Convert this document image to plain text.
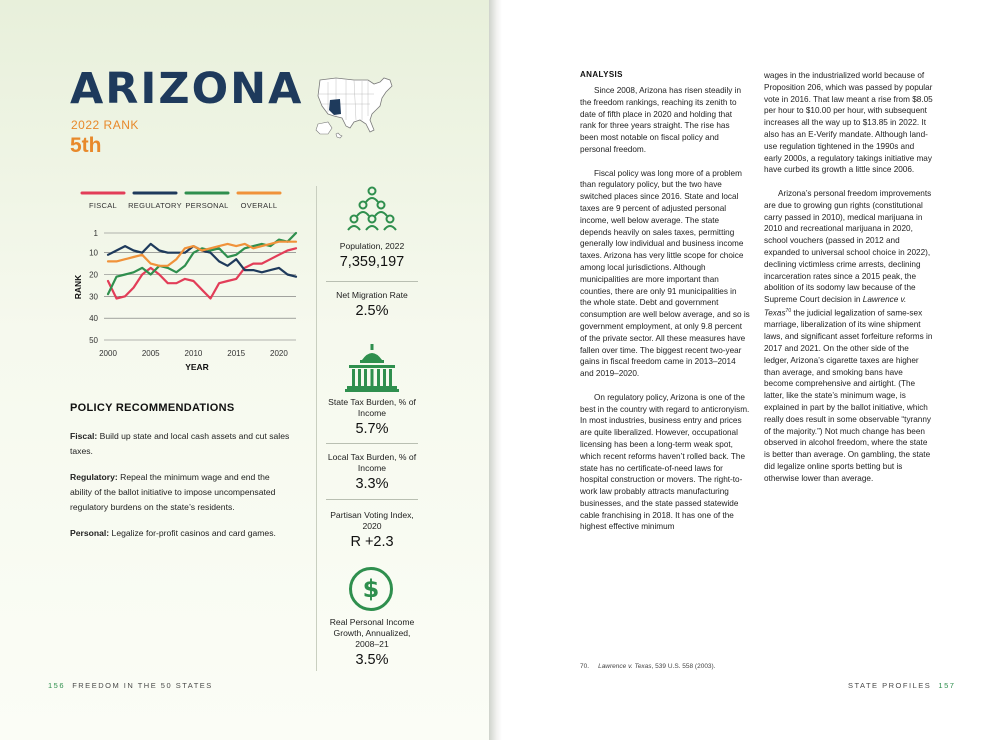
ARIZONA
2022 RANK
5th
FISCAL REGULATORY PERSONAL OVERALL
1
10
20
30
40
50
2000	2005	2010	2015	2020
RANK
YEAR
POLICY RECOMMENDATIONS
Fiscal: Build up state and local cash assets and cut sales taxes.
Regulatory: Repeal the minimum wage and end the ability of the ballot initiative to impose uncompensated regulatory burdens on the state’s residents.
Personal: Legalize for-profit casinos and card games.
Population, 2022
7,359,197
Net Migration Rate
2.5%
State Tax Burden, % of Income
5.7%
Local Tax Burden, % of Income
3.3%
Partisan Voting Index, 2020
R +2.3
$
Real Personal Income Growth, Annualized, 2008–21
3.5%
156 FREEDOM IN THE 50 STATES
ANALYSIS

Since 2008, Arizona has risen steadily in the freedom rankings, reaching its zenith to date of fifth place in 2020 and holding that rank for three years straight. The rise has been most notable on fiscal policy and personal freedom.

Fiscal policy was long more of a problem than regulatory policy, but the two have switched places since 2016. State and local taxes are 9 percent of adjusted personal income, well below average. The state depends heavily on sales taxes, permitting generally low individual and business income taxes. Arizona has very little scope for choice among local jurisdictions. Although municipalities are more important than counties, there are only 91 municipalities in the whole state. Debt and government consumption are well below average, and so is government employment, at only 9.8 percent of the private sector. All these measures have fallen over time. The biggest recent two-year gains in fiscal freedom came in 2013–2014 and 2019–2020.

On regulatory policy, Arizona is one of the best in the country with regard to anticronyism. In most industries, business entry and prices are quite liberalized. However, occupational licensing has been a long-term weak spot, which recent reforms haven’t rolled back. The state has no certificate-of-need laws for hospital construction or movers. The right-to-work law probably attracts manufacturing businesses, and the state passed statewide cable franchising in 2018. It has one of the highest effective minimum

wages in the industrialized world because of Proposition 206, which was passed by popular vote in 2016. That law meant a rise from $8.05 per hour to $10.00 per hour, with subsequent increases all the way up to $13.85 in 2022. It also has an E-Verify mandate. Although land-use regulation tightened in the 1990s and early 2000s, a regulatory takings initiative may have curbed its growth a little since 2006.

Arizona’s personal freedom improvements are due to growing gun rights (constitutional carry passed in 2010), medical marijuana in 2010 and recreational marijuana in 2020, school vouchers (passed in 2012 and expanded to universal school choice in 2022), declining victimless crime arrests, declining incarceration rates since a 2015 peak, the abolition of its sodomy law because of the Supreme Court decision in Lawrence v. Texas$^{70}$ the judicial legalization of same-sex marriage, liberalization of its wine shipment laws, and significant asset forfeiture reforms in 2017 and 2021. On the other side of the ledger, Arizona’s cigarette taxes are higher than average, and smoking bans have become comprehensive and airtight. (The latter, like the state’s minimum wage, is explained in part by the ballot initiative, which really does result in some observable “tyranny of the majority.”) Not much change has been observed in alcohol freedom, where the state is better than average. On gambling, the state did legalize online sports betting but is otherwise lower than average.

70. Lawrence v. Texas, 539 U.S. 558 (2003).
STATE PROFILES 157
